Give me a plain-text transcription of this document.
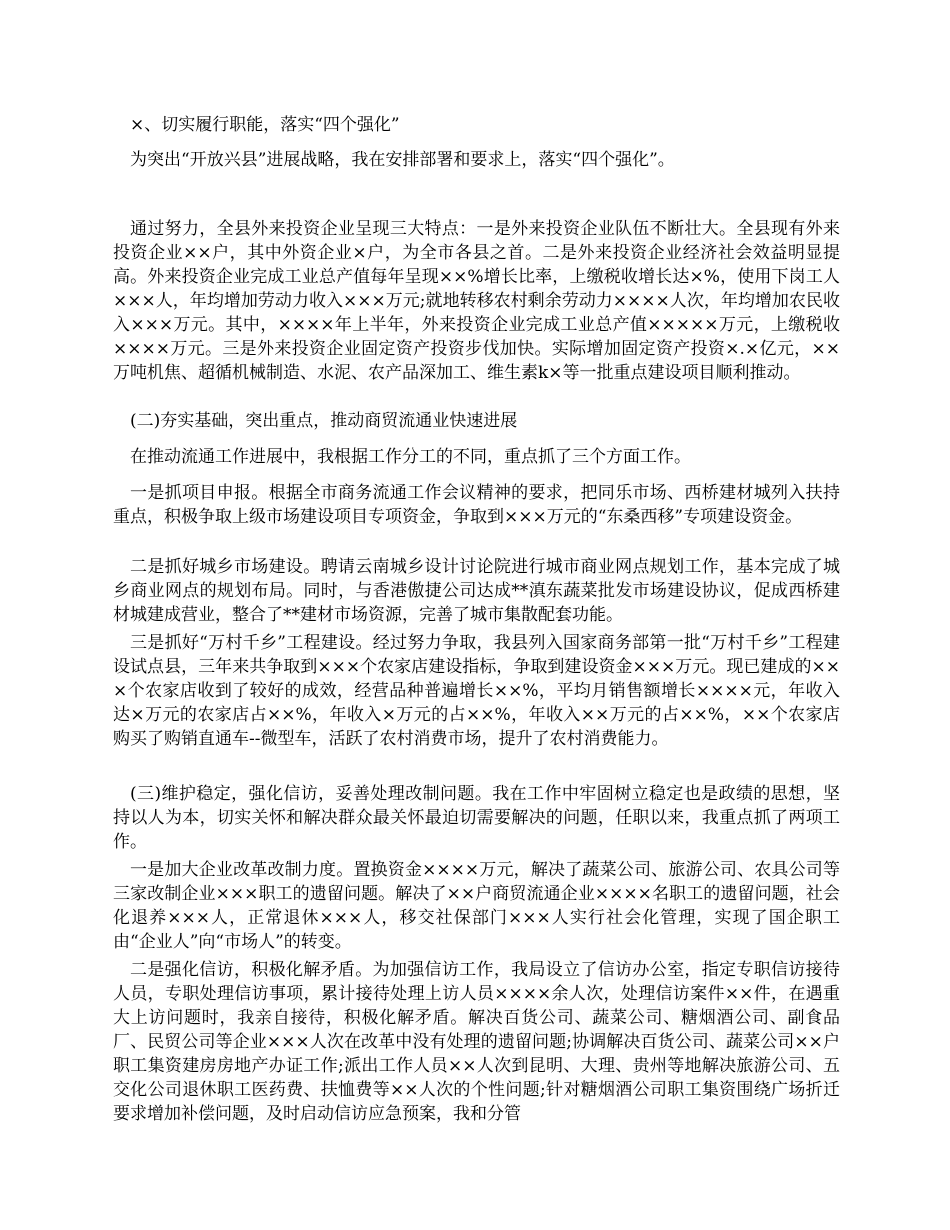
×、切实履行职能，落实“四个强化”

为突出“开放兴县”进展战略，我在安排部署和要求上，落实“四个强化”。

通过努力，全县外来投资企业呈现三大特点：一是外来投资企业队伍不断壮大。全县现有外来投资企业××户，其中外资企业×户，为全市各县之首。二是外来投资企业经济社会效益明显提高。外来投资企业完成工业总产值每年呈现××%增长比率，上缴税收增长达×%，使用下岗工人×××人，年均增加劳动力收入×××万元;就地转移农村剩余劳动力××××人次，年均增加农民收入×××万元。其中，××××年上半年，外来投资企业完成工业总产值×××××万元，上缴税收××××万元。三是外来投资企业固定资产投资步伐加快。实际增加固定资产投资×.×亿元，××万吨机焦、超循机械制造、水泥、农产品深加工、维生素k×等一批重点建设项目顺利推动。

(二)夯实基础，突出重点，推动商贸流通业快速进展

在推动流通工作进展中，我根据工作分工的不同，重点抓了三个方面工作。

一是抓项目申报。根据全市商务流通工作会议精神的要求，把同乐市场、西桥建材城列入扶持重点，积极争取上级市场建设项目专项资金，争取到×××万元的“东桑西移”专项建设资金。

二是抓好城乡市场建设。聘请云南城乡设计讨论院进行城市商业网点规划工作，基本完成了城乡商业网点的规划布局。同时，与香港傲捷公司达成**滇东蔬菜批发市场建设协议，促成西桥建材城建成营业，整合了**建材市场资源，完善了城市集散配套功能。

三是抓好“万村千乡”工程建设。经过努力争取，我县列入国家商务部第一批“万村千乡”工程建设试点县，三年来共争取到×××个农家店建设指标，争取到建设资金×××万元。现已建成的×××个农家店收到了较好的成效，经营品种普遍增长××%，平均月销售额增长××××元，年收入达×万元的农家店占××%，年收入×万元的占××%，年收入××万元的占××%，××个农家店购买了购销直通车--微型车，活跃了农村消费市场，提升了农村消费能力。

(三)维护稳定，强化信访，妥善处理改制问题。我在工作中牢固树立稳定也是政绩的思想，坚持以人为本，切实关怀和解决群众最关怀最迫切需要解决的问题，任职以来，我重点抓了两项工作。

一是加大企业改革改制力度。置换资金××××万元，解决了蔬菜公司、旅游公司、农具公司等三家改制企业×××职工的遗留问题。解决了××户商贸流通企业××××名职工的遗留问题，社会化退养×××人，正常退休×××人，移交社保部门×××人实行社会化管理，实现了国企职工由“企业人”向“市场人”的转变。

二是强化信访，积极化解矛盾。为加强信访工作，我局设立了信访办公室，指定专职信访接待人员，专职处理信访事项，累计接待处理上访人员××××余人次，处理信访案件××件，在遇重大上访问题时，我亲自接待，积极化解矛盾。解决百货公司、蔬菜公司、糖烟酒公司、副食品厂、民贸公司等企业×××人次在改革中没有处理的遗留问题;协调解决百货公司、蔬菜公司××户职工集资建房房地产办证工作;派出工作人员××人次到昆明、大理、贵州等地解决旅游公司、五交化公司退休职工医药费、扶恤费等××人次的个性问题;针对糖烟酒公司职工集资围绕广场折迁要求增加补偿问题，及时启动信访应急预案，我和分管
